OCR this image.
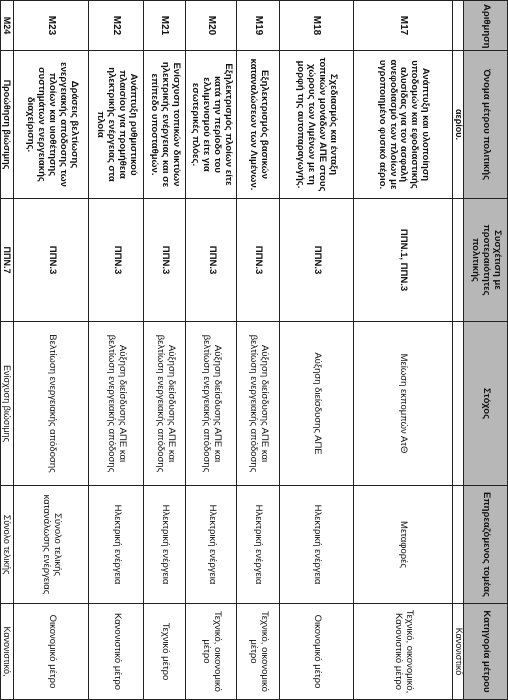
Αριθμηση	Όνομα μέτρου πολιτικής	Συσχέτιση με προτεραιότητες πολιτικής	Στόχος	Επηρεαζόμενος τομέας	Κατηγορία μέτρου
	αερίου.				Κανονιστικό
M17	Ανάπτυξη και υλοποίηση υποδομών και εφοδιαστικής αλυσίδας για τον ασφαλή ανεφοδιασμό των πλοίων με υγροποιημένο φυσικό αέριο.	ΠΠΝ.1, ΠΠΝ.3	Μείωση εκπομπών ΑτΘ	Μεταφορές	Τεχνικό, οικονομικό, Κανονιστικό μέτρο
M18	Σχεδιασμός και ένταξη τοπικών μονάδων ΑΠΕ στους χώρους των Λιμένων με τη μορφή της αυτοπαραγωγής.	ΠΠΝ.3	Αύξηση διείσδυσης ΑΠΕ	Ηλεκτρική ενέργεια	Οικονομικό μέτρο
M19	Εξηλεκτρισμός βασικών καταναλώσεων των Λιμένων.	ΠΠΝ.3	Αύξηση διείσδυσης ΑΠΕ και βελτίωση ενεργειακής απόδοσης	Ηλεκτρική ενέργεια	Τεχνικό, οικονομικό μέτρο
M20	Εξηλεκτρισμός πλοίων είτε κατά την περίοδο του ελλιμενισμού είτε για εσωτερικές πλόες.	ΠΠΝ.3	Αύξηση διείσδυσης ΑΠΕ και βελτίωση ενεργειακής απόδοσης	Ηλεκτρική ενέργεια	Τεχνικό, οικονομικό μέτρο
M21	Ενίσχυση τοπικών δικτύων ηλεκτρικής ενέργειας και σε επίπεδο υποσταθμών.	ΠΠΝ.3	Αύξηση διείσδυσης ΑΠΕ και βελτίωση ενεργειακής απόδοσης	Ηλεκτρική ενέργεια	Τεχνικό μέτρο
M22	Ανάπτυξη ρυθμιστικού πλαισίου για προμήθεια ηλεκτρικής ενέργειας στα πλοία	ΠΠΝ.3	Αύξηση διείσδυσης ΑΠΕ και βελτίωση ενεργειακής απόδοσης	Ηλεκτρική ενέργεια	Κανονιστικό μέτρο
M23	Δράσεις βελτίωσης ενεργειακής απόδοσης των πλοίων και υιοθέτησης συστημάτων ενεργειακής διαχείρισης.	ΠΠΝ.3	Βελτίωση ενεργειακής απόδοσης	Σύνολο τελικής κατανάλωσης ενέργειας	Οικονομικό μέτρο
M24	Προώθηση βιώσιμης	ΠΠΝ.7	Ενίσχυση βιώσιμης	Σύνολο τελικής	Κανονιστικό,
